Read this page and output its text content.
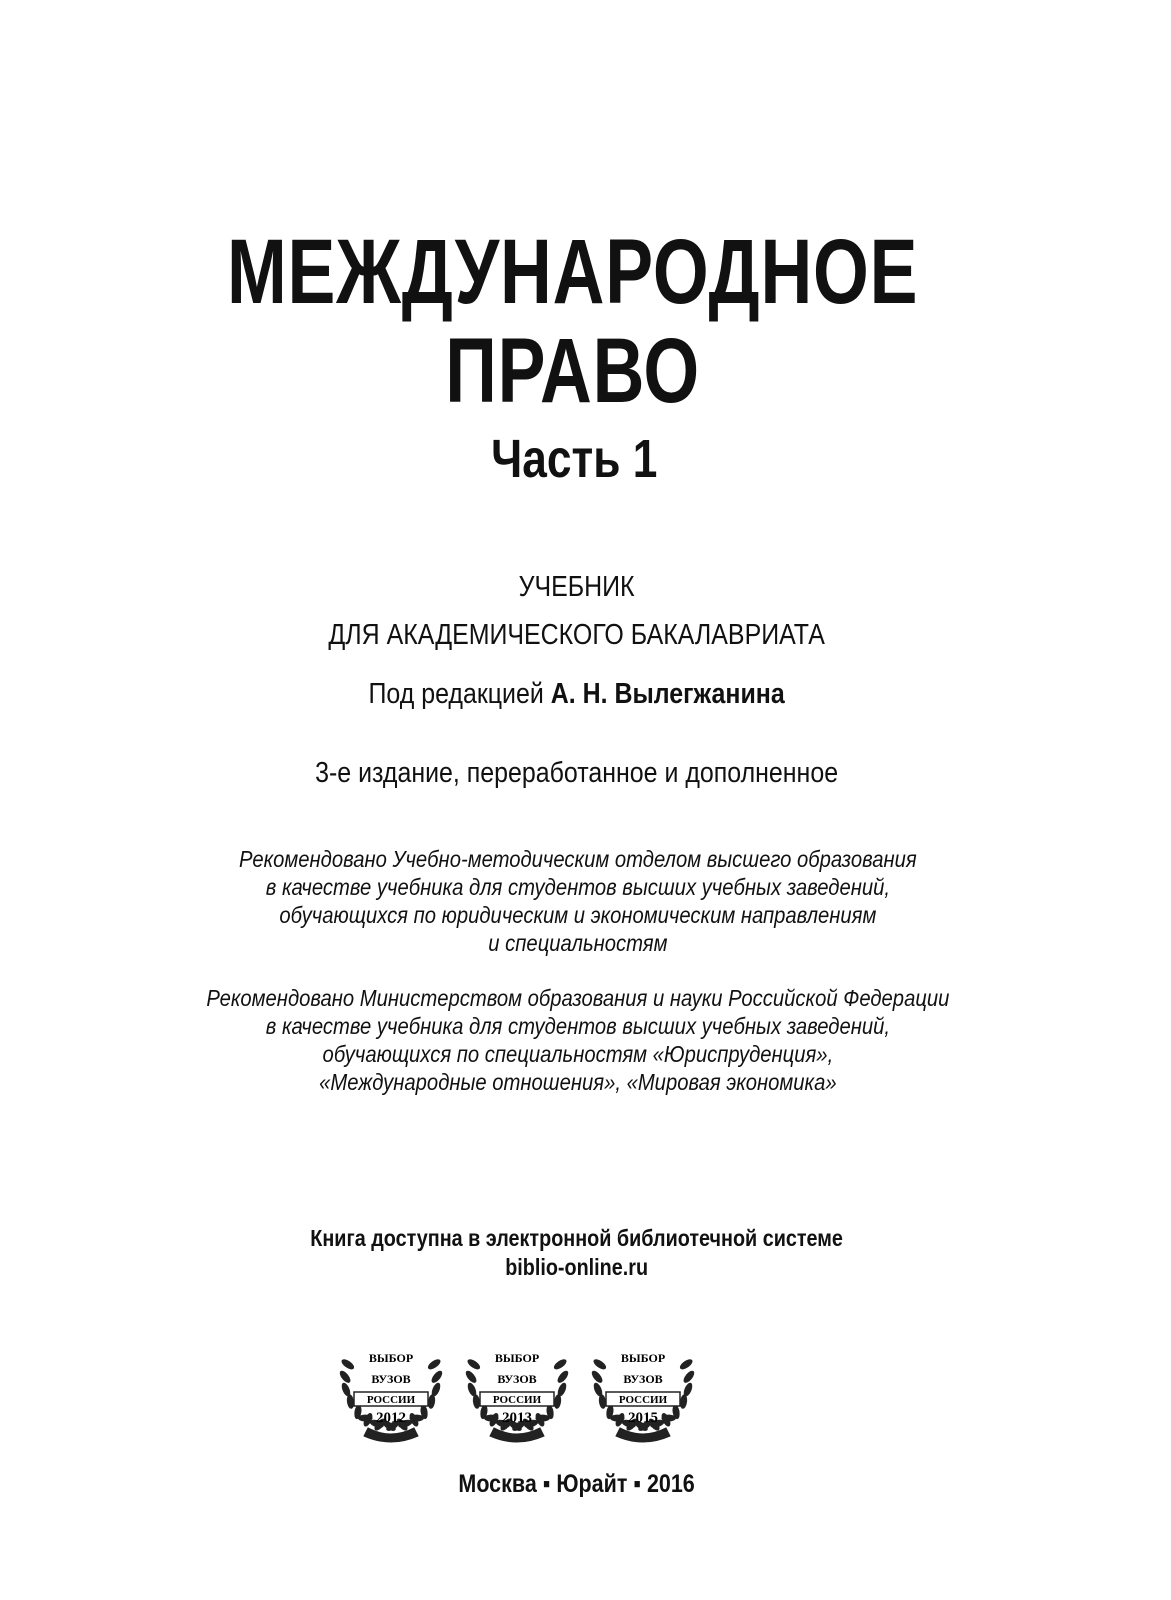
МЕЖДУНАРОДНОЕ
ПРАВО
Часть 1
УЧЕБНИК
ДЛЯ АКАДЕМИЧЕСКОГО БАКАЛАВРИАТА
Под редакцией А. Н. Вылегжанина
3-е издание, переработанное и дополненное
Рекомендовано Учебно-методическим отделом высшего образования
в качестве учебника для студентов высших учебных заведений,
обучающихся по юридическим и экономическим направлениям
и специальностям
Рекомендовано Министерством образования и науки Российской Федерации
в качестве учебника для студентов высших учебных заведений,
обучающихся по специальностям «Юриспруденция»,
«Международные отношения», «Мировая экономика»
Книга доступна в электронной библиотечной системе
biblio-online.ru
ВЫБОР
ВУЗОВ
РОССИИ
2012
ВЫБОР
ВУЗОВ
РОССИИ
2013
ВЫБОР
ВУЗОВ
РОССИИ
2015
Москва ▪ Юрайт ▪ 2016
